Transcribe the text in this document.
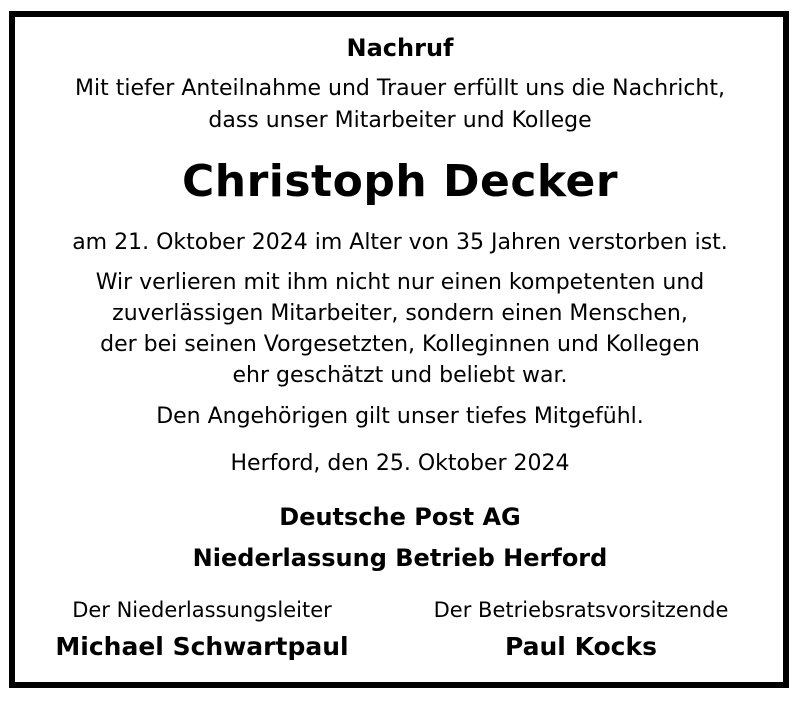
Nachruf
Mit tiefer Anteilnahme und Trauer erfüllt uns die Nachricht,
dass unser Mitarbeiter und Kollege
Christoph Decker
am 21. Oktober 2024 im Alter von 35 Jahren verstorben ist.
Wir verlieren mit ihm nicht nur einen kompetenten und
zuverlässigen Mitarbeiter, sondern einen Menschen,
der bei seinen Vorgesetzten, Kolleginnen und Kollegen
ehr geschätzt und beliebt war.
Den Angehörigen gilt unser tiefes Mitgefühl.
Herford, den 25. Oktober 2024
Deutsche Post AG
Niederlassung Betrieb Herford
Der Niederlassungsleiter
Michael Schwartpaul
Der Betriebsratsvorsitzende
Paul Kocks
